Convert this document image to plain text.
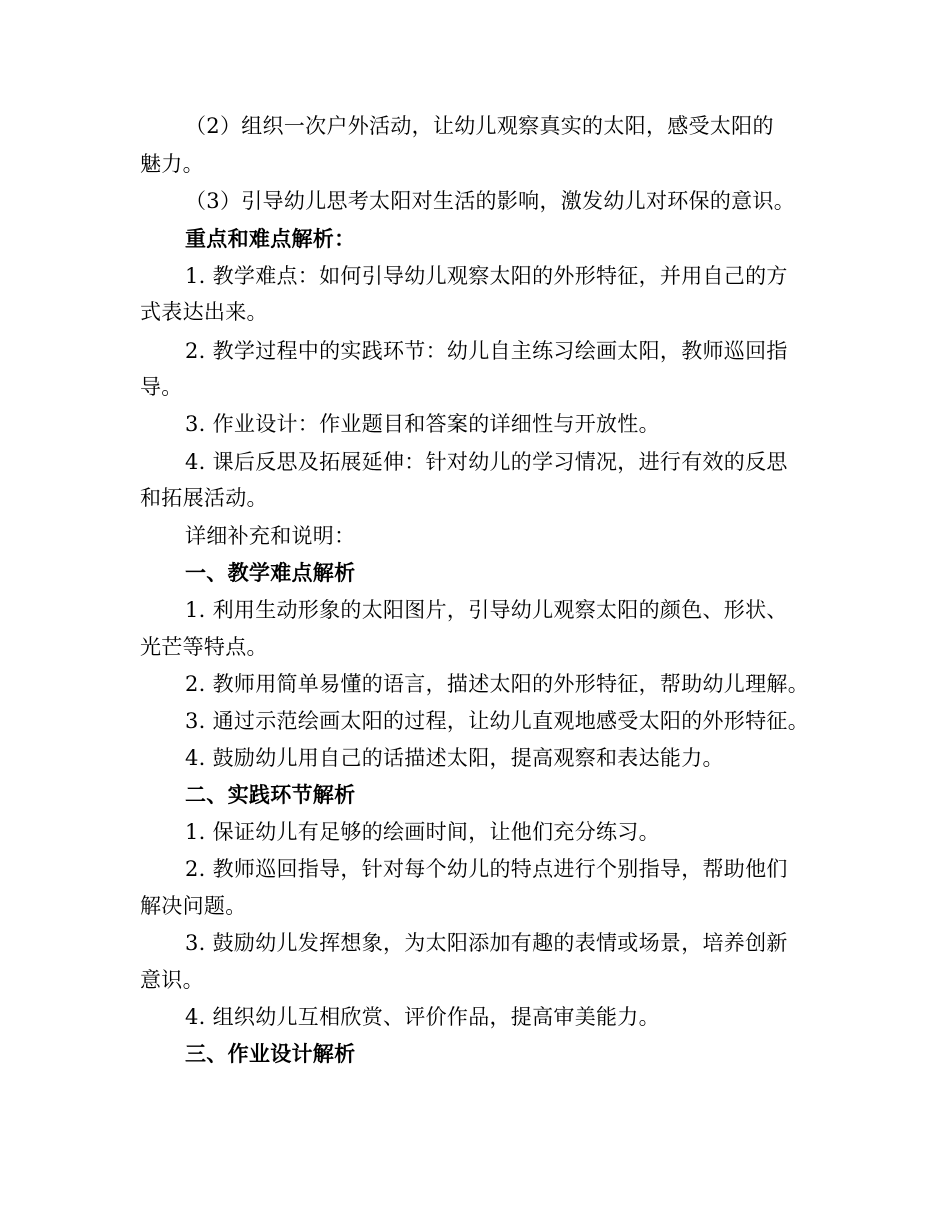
（2）组织一次户外活动，让幼儿观察真实的太阳，感受太阳的
魅力。
（3）引导幼儿思考太阳对生活的影响，激发幼儿对环保的意识。
重点和难点解析：
1. 教学难点：如何引导幼儿观察太阳的外形特征，并用自己的方
式表达出来。
2. 教学过程中的实践环节：幼儿自主练习绘画太阳，教师巡回指
导。
3. 作业设计：作业题目和答案的详细性与开放性。
4. 课后反思及拓展延伸：针对幼儿的学习情况，进行有效的反思
和拓展活动。
详细补充和说明：
一、教学难点解析
1. 利用生动形象的太阳图片，引导幼儿观察太阳的颜色、形状、
光芒等特点。
2. 教师用简单易懂的语言，描述太阳的外形特征，帮助幼儿理解。
3. 通过示范绘画太阳的过程，让幼儿直观地感受太阳的外形特征。
4. 鼓励幼儿用自己的话描述太阳，提高观察和表达能力。
二、实践环节解析
1. 保证幼儿有足够的绘画时间，让他们充分练习。
2. 教师巡回指导，针对每个幼儿的特点进行个别指导，帮助他们
解决问题。
3. 鼓励幼儿发挥想象，为太阳添加有趣的表情或场景，培养创新
意识。
4. 组织幼儿互相欣赏、评价作品，提高审美能力。
三、作业设计解析
